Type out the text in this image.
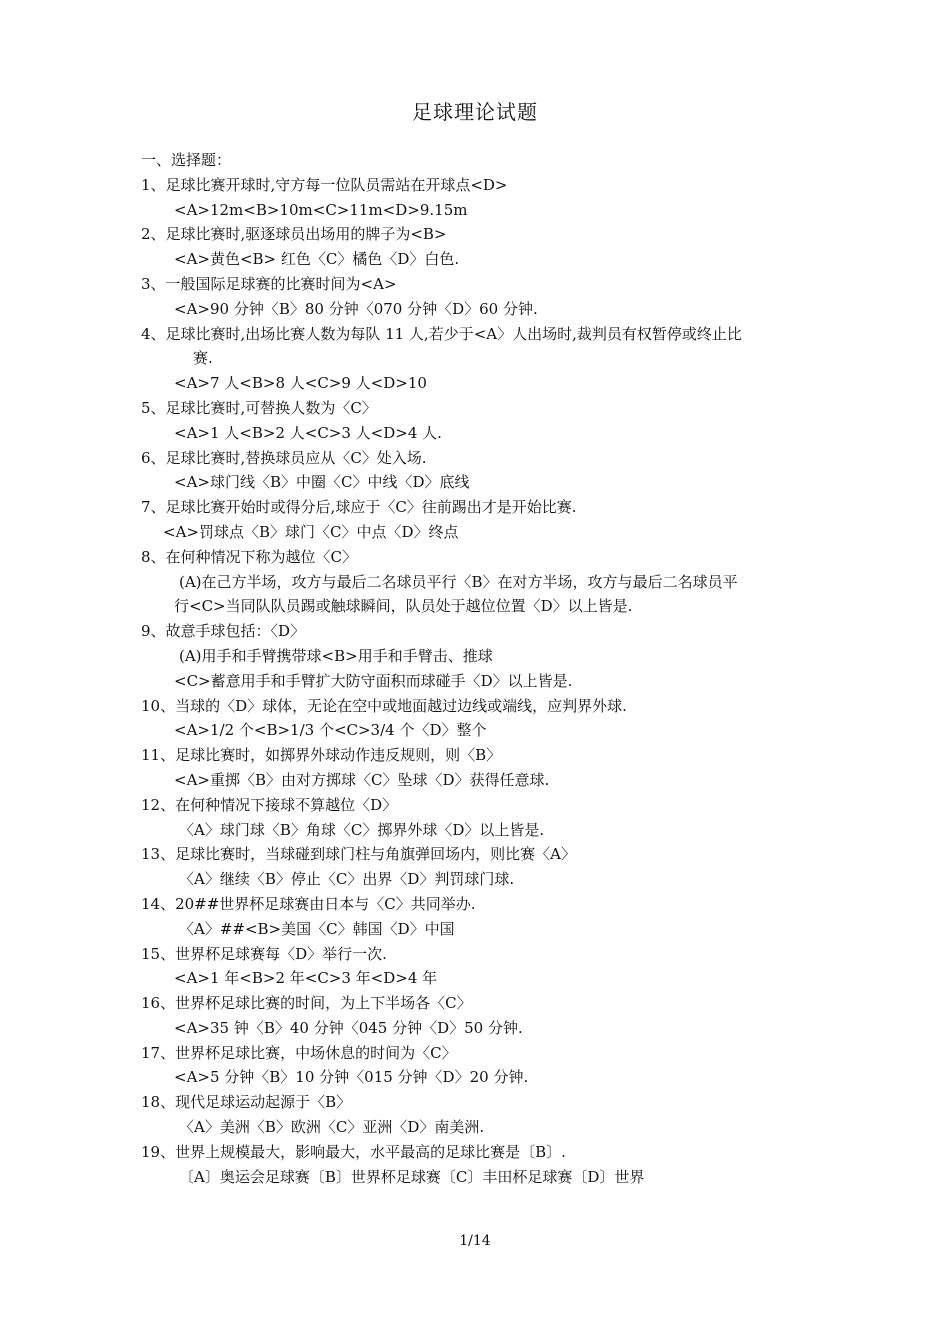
足球理论试题
一、选择题：
1、足球比赛开球时,守方每一位队员需站在开球点<D>
<A>12m<B>10m<C>11m<D>9.15m
2、足球比赛时,驱逐球员出场用的牌子为<B>
<A>黄色<B> 红色〈C〉橘色〈D〉白色.
3、一般国际足球赛的比赛时间为<A>
<A>90 分钟〈B〉80 分钟〈070 分钟〈D〉60 分钟.
4、足球比赛时,出场比赛人数为每队 11 人,若少于<A〉人出场时,裁判员有权暂停或终止比
赛.
<A>7 人<B>8 人<C>9 人<D>10
5、足球比赛时,可替换人数为〈C〉
<A>1 人<B>2 人<C>3 人<D>4 人.
6、足球比赛时,替换球员应从〈C〉处入场.
<A>球门线〈B〉中圈〈C〉中线〈D〉底线
7、足球比赛开始时或得分后,球应于〈C〉往前踢出才是开始比赛.
<A>罚球点〈B〉球门〈C〉中点〈D〉终点
8、在何种情况下称为越位〈C〉
(A)在己方半场，攻方与最后二名球员平行〈B〉在对方半场，攻方与最后二名球员平
行<C>当同队队员踢或触球瞬间，队员处于越位位置〈D〉以上皆是.
9、故意手球包括：〈D〉
(A)用手和手臂携带球<B>用手和手臂击、推球
<C>蓄意用手和手臂扩大防守面积而球碰手〈D〉以上皆是.
10、当球的〈D〉球体，无论在空中或地面越过边线或端线，应判界外球.
<A>1/2 个<B>1/3 个<C>3/4 个〈D〉整个
11、足球比赛时，如掷界外球动作违反规则，则〈B〉
<A>重掷〈B〉由对方掷球〈C〉坠球〈D〉获得任意球.
12、在何种情况下接球不算越位〈D〉
〈A〉球门球〈B〉角球〈C〉掷界外球〈D〉以上皆是.
13、足球比赛时，当球碰到球门柱与角旗弹回场内，则比赛〈A〉
〈A〉继续〈B〉停止〈C〉出界〈D〉判罚球门球.
14、20##世界杯足球赛由日本与〈C〉共同举办.
〈A〉##<B>美国〈C〉韩国〈D〉中国
15、世界杯足球赛每〈D〉举行一次.
<A>1 年<B>2 年<C>3 年<D>4 年
16、世界杯足球比赛的时间，为上下半场各〈C〉
<A>35 钟〈B〉40 分钟〈045 分钟〈D〉50 分钟.
17、世界杯足球比赛，中场休息的时间为〈C〉
<A>5 分钟〈B〉10 分钟〈015 分钟〈D〉20 分钟.
18、现代足球运动起源于〈B〉
〈A〉美洲〈B〉欧洲〈C〉亚洲〈D〉南美洲.
19、世界上规模最大，影响最大，水平最高的足球比赛是〔B〕.
〔A〕奥运会足球赛〔B〕世界杯足球赛〔C〕丰田杯足球赛〔D〕世界
1/14
